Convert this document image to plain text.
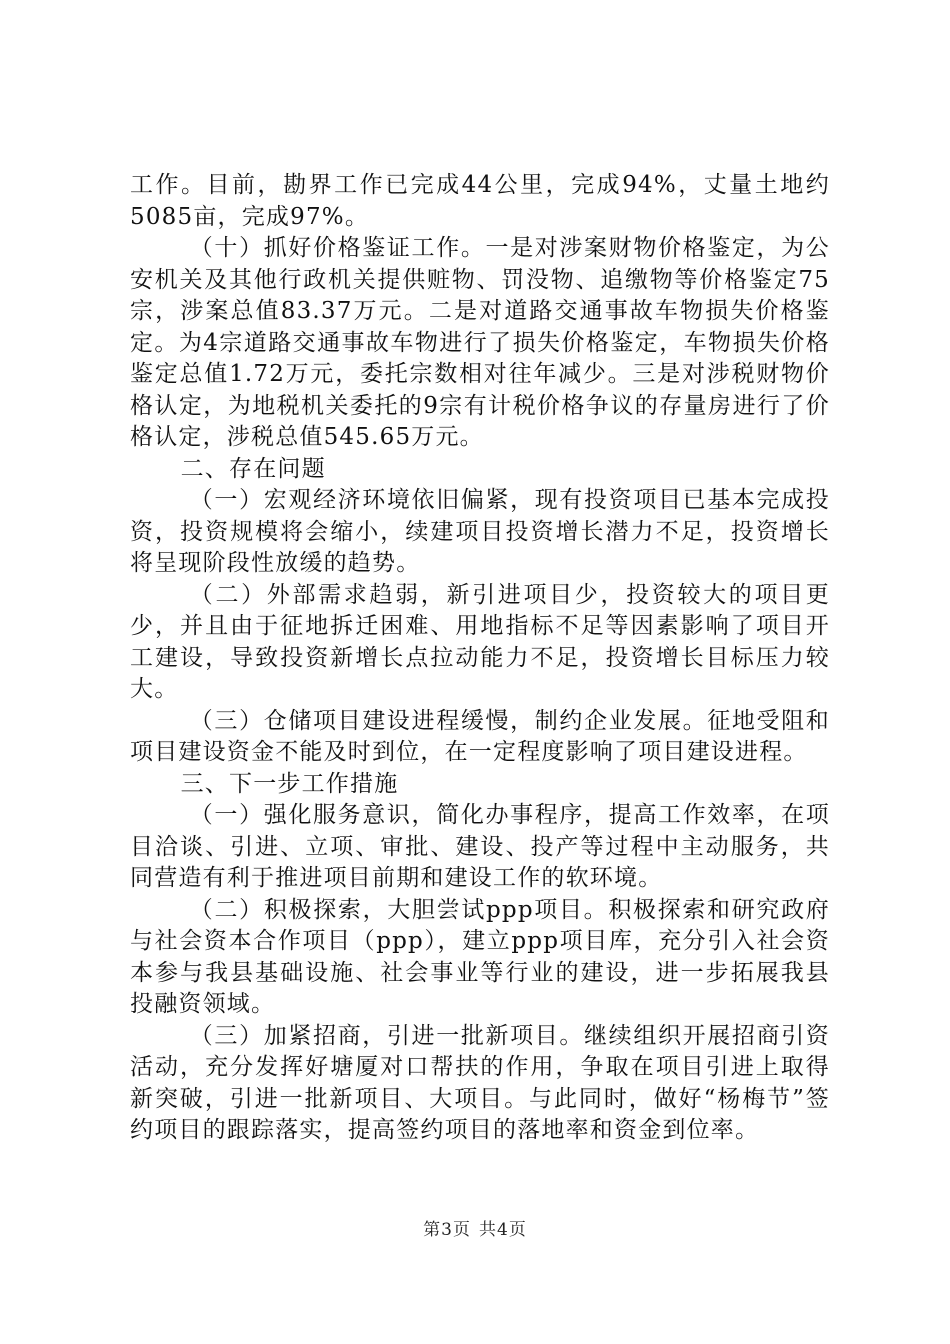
工作。目前，勘界工作已完成44公里，完成94%，丈量土地约5085亩，完成97%。

（十）抓好价格鉴证工作。一是对涉案财物价格鉴定，为公安机关及其他行政机关提供赃物、罚没物、追缴物等价格鉴定75宗，涉案总值83.37万元。二是对道路交通事故车物损失价格鉴定。为4宗道路交通事故车物进行了损失价格鉴定，车物损失价格鉴定总值1.72万元，委托宗数相对往年减少。三是对涉税财物价格认定，为地税机关委托的9宗有计税价格争议的存量房进行了价格认定，涉税总值545.65万元。

二、存在问题

（一）宏观经济环境依旧偏紧，现有投资项目已基本完成投资，投资规模将会缩小，续建项目投资增长潜力不足，投资增长将呈现阶段性放缓的趋势。

（二）外部需求趋弱，新引进项目少，投资较大的项目更少，并且由于征地拆迁困难、用地指标不足等因素影响了项目开工建设，导致投资新增长点拉动能力不足，投资增长目标压力较大。

（三）仓储项目建设进程缓慢，制约企业发展。征地受阻和项目建设资金不能及时到位，在一定程度影响了项目建设进程。

三、下一步工作措施

（一）强化服务意识，简化办事程序，提高工作效率，在项目洽谈、引进、立项、审批、建设、投产等过程中主动服务，共同营造有利于推进项目前期和建设工作的软环境。

（二）积极探索，大胆尝试ppp项目。积极探索和研究政府与社会资本合作项目（ppp），建立ppp项目库，充分引入社会资本参与我县基础设施、社会事业等行业的建设，进一步拓展我县投融资领域。

（三）加紧招商，引进一批新项目。继续组织开展招商引资活动，充分发挥好塘厦对口帮扶的作用，争取在项目引进上取得新突破，引进一批新项目、大项目。与此同时，做好“杨梅节”签约项目的跟踪落实，提高签约项目的落地率和资金到位率。

第3页 共4页
